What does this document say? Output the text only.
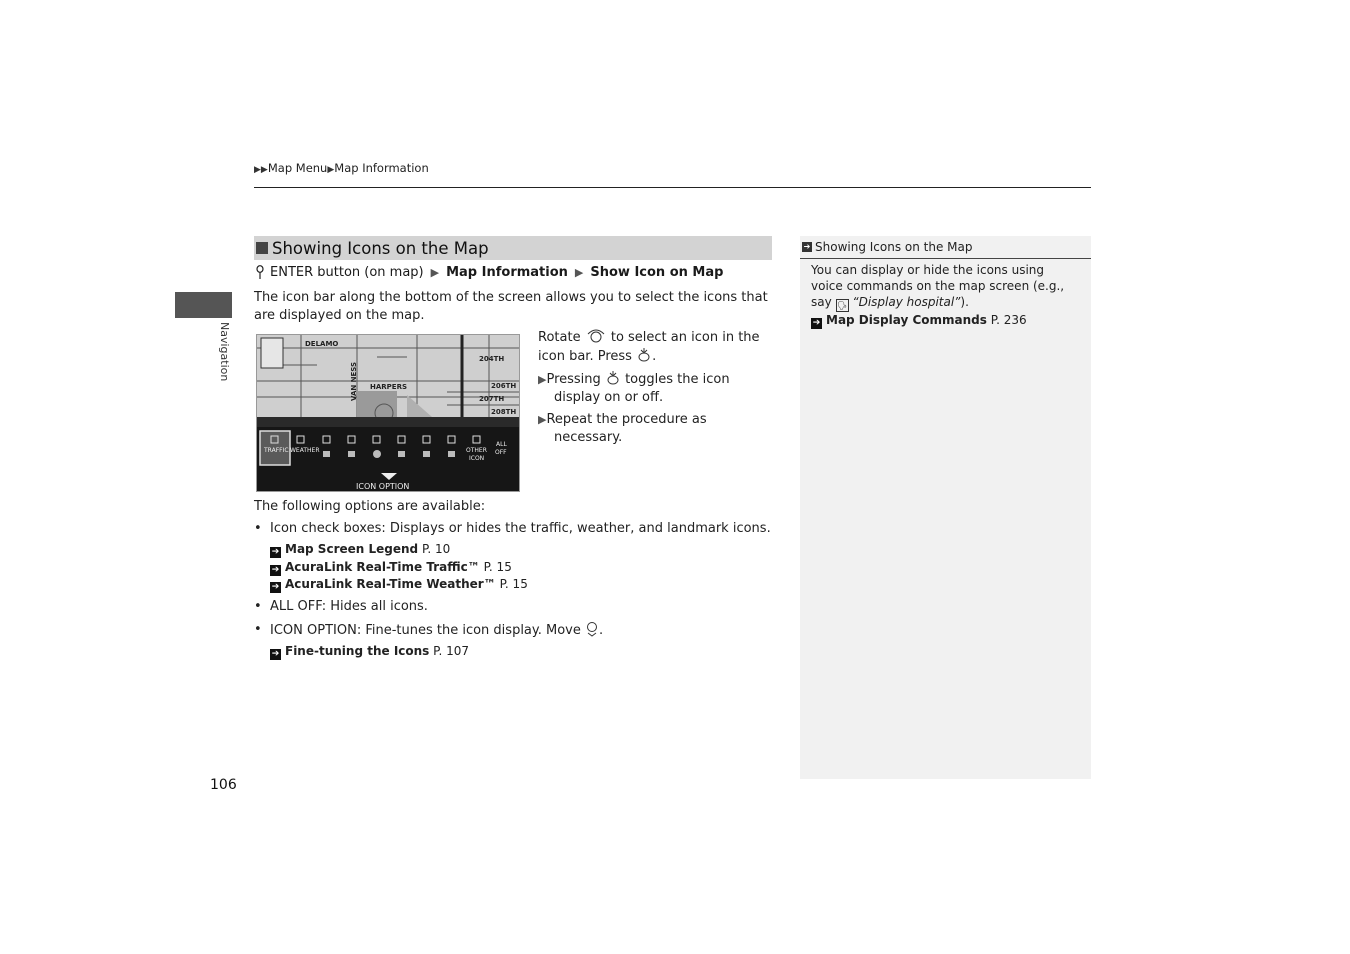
▶▶Map Menu▶Map Information
Navigation
106
Showing Icons on the Map
ENTER button (on map) ▶ Map Information ▶ Show Icon on Map
The icon bar along the bottom of the screen allows you to select the icons that are displayed on the map.
DELAMO
HARPERS
204TH
206TH
207TH
208TH
VAN NESS
TRAFFIC WEATHER	OTHER
ICON
ALL
OFF
ICON OPTION
Rotate to select an icon in the icon bar. Press .
▶Pressing toggles the icon display on or off.
▶Repeat the procedure as necessary.
The following options are available:
• Icon check boxes: Displays or hides the traffic, weather, and landmark icons.
➔ Map Screen Legend P. 10
➔ AcuraLink Real-Time Traffic™ P. 15
➔ AcuraLink Real-Time Weather™ P. 15
• ALL OFF: Hides all icons.
• ICON OPTION: Fine-tunes the icon display. Move .
➔ Fine-tuning the Icons P. 107
➔ Showing Icons on the Map
You can display or hide the icons using voice commands on the map screen (e.g., say 🗣 “Display hospital”).
➔ Map Display Commands P. 236
